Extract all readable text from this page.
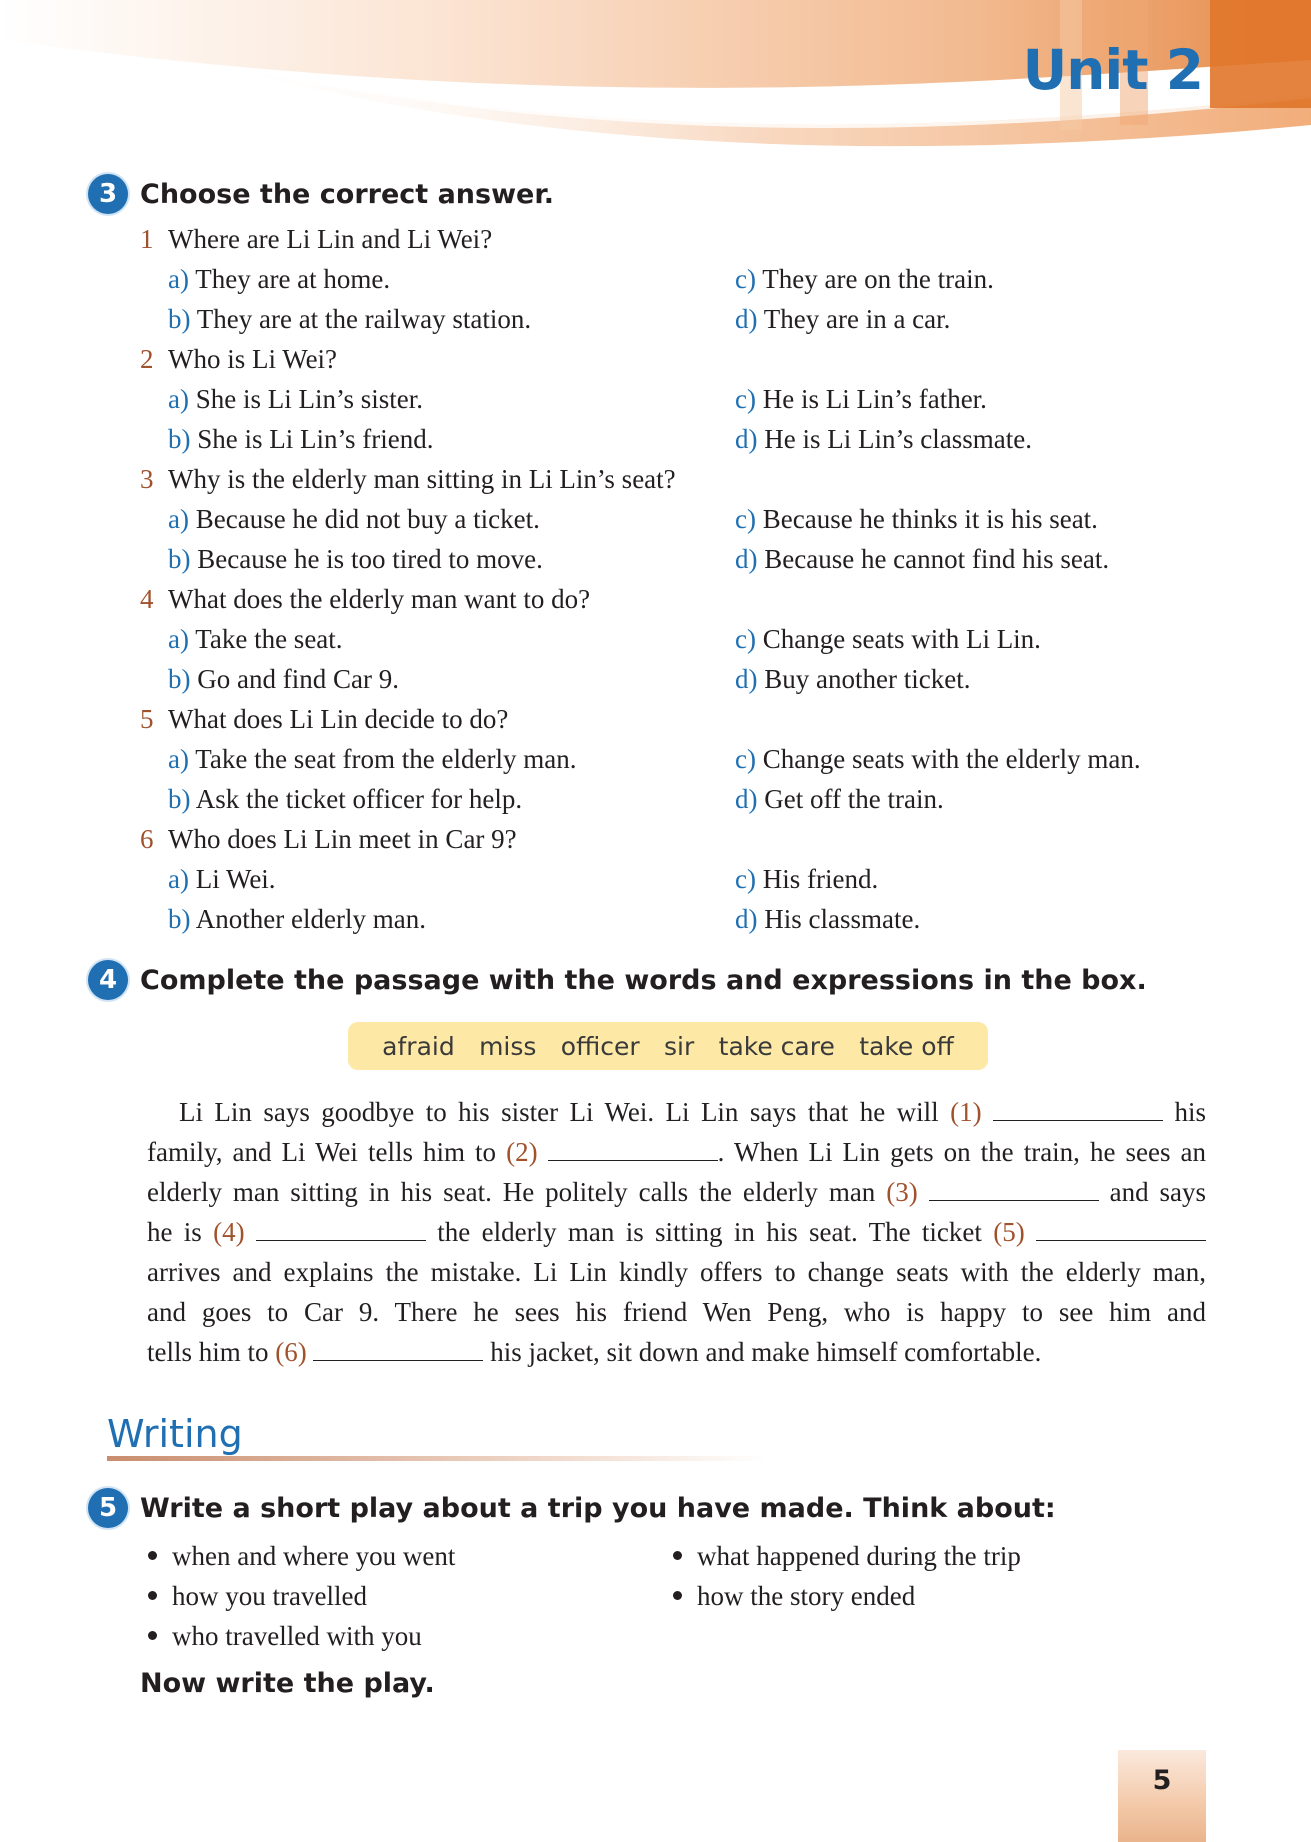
Unit 2
3 Choose the correct answer.
1 Where are Li Lin and Li Wei?
a) They are at home.
b) They are at the railway station.
c) They are on the train.
d) They are in a car.
2 Who is Li Wei?
a) She is Li Lin’s sister.
b) She is Li Lin’s friend.
c) He is Li Lin’s father.
d) He is Li Lin’s classmate.
3 Why is the elderly man sitting in Li Lin’s seat?
a) Because he did not buy a ticket.
b) Because he is too tired to move.
c) Because he thinks it is his seat.
d) Because he cannot find his seat.
4 What does the elderly man want to do?
a) Take the seat.
b) Go and find Car 9.
c) Change seats with Li Lin.
d) Buy another ticket.
5 What does Li Lin decide to do?
a) Take the seat from the elderly man.
b) Ask the ticket officer for help.
c) Change seats with the elderly man.
d) Get off the train.
6 Who does Li Lin meet in Car 9?
a) Li Wei.
b) Another elderly man.
c) His friend.
d) His classmate.
4 Complete the passage with the words and expressions in the box.
afraid miss officer sir take care take off
Li Lin says goodbye to his sister Li Wei. Li Lin says that he will (1)	his
family, and Li Wei tells him to (2)	. When Li Lin gets on the train, he sees an
elderly man sitting in his seat. He politely calls the elderly man (3)	and says
he is (4)	the elderly man is sitting in his seat. The ticket (5)
arrives and explains the mistake. Li Lin kindly offers to change seats with the elderly man,
and goes to Car 9. There he sees his friend Wen Peng, who is happy to see him and
tells him to (6)	his jacket, sit down and make himself comfortable.
Writing
5 Write a short play about a trip you have made. Think about:
when and where you went
how you travelled
who travelled with you
what happened during the trip
how the story ended
Now write the play.
5
